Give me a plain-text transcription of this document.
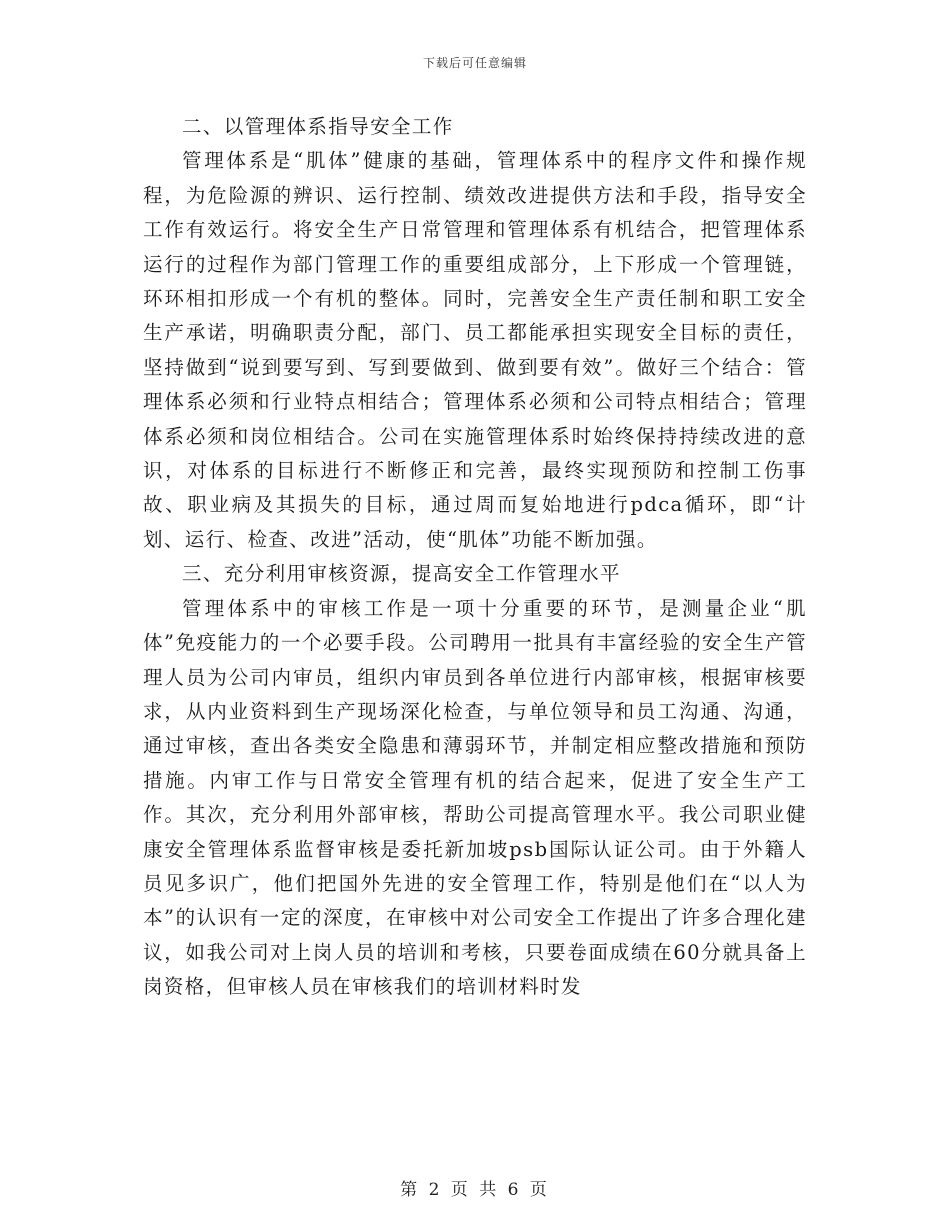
下载后可任意编辑

二、以管理体系指导安全工作

管理体系是“肌体”健康的基础，管理体系中的程序文件和操作规程，为危险源的辨识、运行控制、绩效改进提供方法和手段，指导安全工作有效运行。将安全生产日常管理和管理体系有机结合，把管理体系运行的过程作为部门管理工作的重要组成部分，上下形成一个管理链，环环相扣形成一个有机的整体。同时，完善安全生产责任制和职工安全生产承诺，明确职责分配，部门、员工都能承担实现安全目标的责任，坚持做到“说到要写到、写到要做到、做到要有效”。做好三个结合：管理体系必须和行业特点相结合；管理体系必须和公司特点相结合；管理体系必须和岗位相结合。公司在实施管理体系时始终保持持续改进的意识，对体系的目标进行不断修正和完善，最终实现预防和控制工伤事故、职业病及其损失的目标，通过周而复始地进行pdca循环，即“计划、运行、检查、改进”活动，使“肌体”功能不断加强。

三、充分利用审核资源，提高安全工作管理水平

管理体系中的审核工作是一项十分重要的环节，是测量企业“肌体”免疫能力的一个必要手段。公司聘用一批具有丰富经验的安全生产管理人员为公司内审员，组织内审员到各单位进行内部审核，根据审核要求，从内业资料到生产现场深化检查，与单位领导和员工沟通、沟通，通过审核，查出各类安全隐患和薄弱环节，并制定相应整改措施和预防措施。内审工作与日常安全管理有机的结合起来，促进了安全生产工作。其次，充分利用外部审核，帮助公司提高管理水平。我公司职业健康安全管理体系监督审核是委托新加坡psb国际认证公司。由于外籍人员见多识广，他们把国外先进的安全管理工作，特别是他们在“以人为本”的认识有一定的深度，在审核中对公司安全工作提出了许多合理化建议，如我公司对上岗人员的培训和考核，只要卷面成绩在60分就具备上岗资格，但审核人员在审核我们的培训材料时发

第 2 页 共 6 页
